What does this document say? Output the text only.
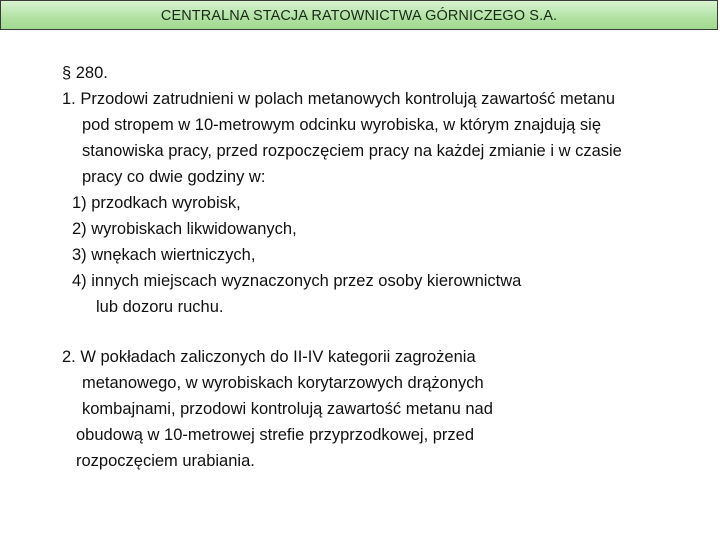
CENTRALNA STACJA RATOWNICTWA GÓRNICZEGO S.A.
§ 280.
1. Przodowi zatrudnieni w polach metanowych kontrolują zawartość metanu
pod stropem w 10-metrowym odcinku wyrobiska, w którym znajdują się
stanowiska pracy, przed rozpoczęciem pracy na każdej zmianie i w czasie
pracy co dwie godziny w:
1) przodkach wyrobisk,
2) wyrobiskach likwidowanych,
3) wnękach wiertniczych,
4) innych miejscach wyznaczonych przez osoby kierownictwa
lub dozoru ruchu.
2. W pokładach zaliczonych do II-IV kategorii zagrożenia
metanowego, w wyrobiskach korytarzowych drążonych
kombajnami, przodowi kontrolują zawartość metanu nad
obudową w 10-metrowej strefie przyprzodkowej, przed
rozpoczęciem urabiania.
